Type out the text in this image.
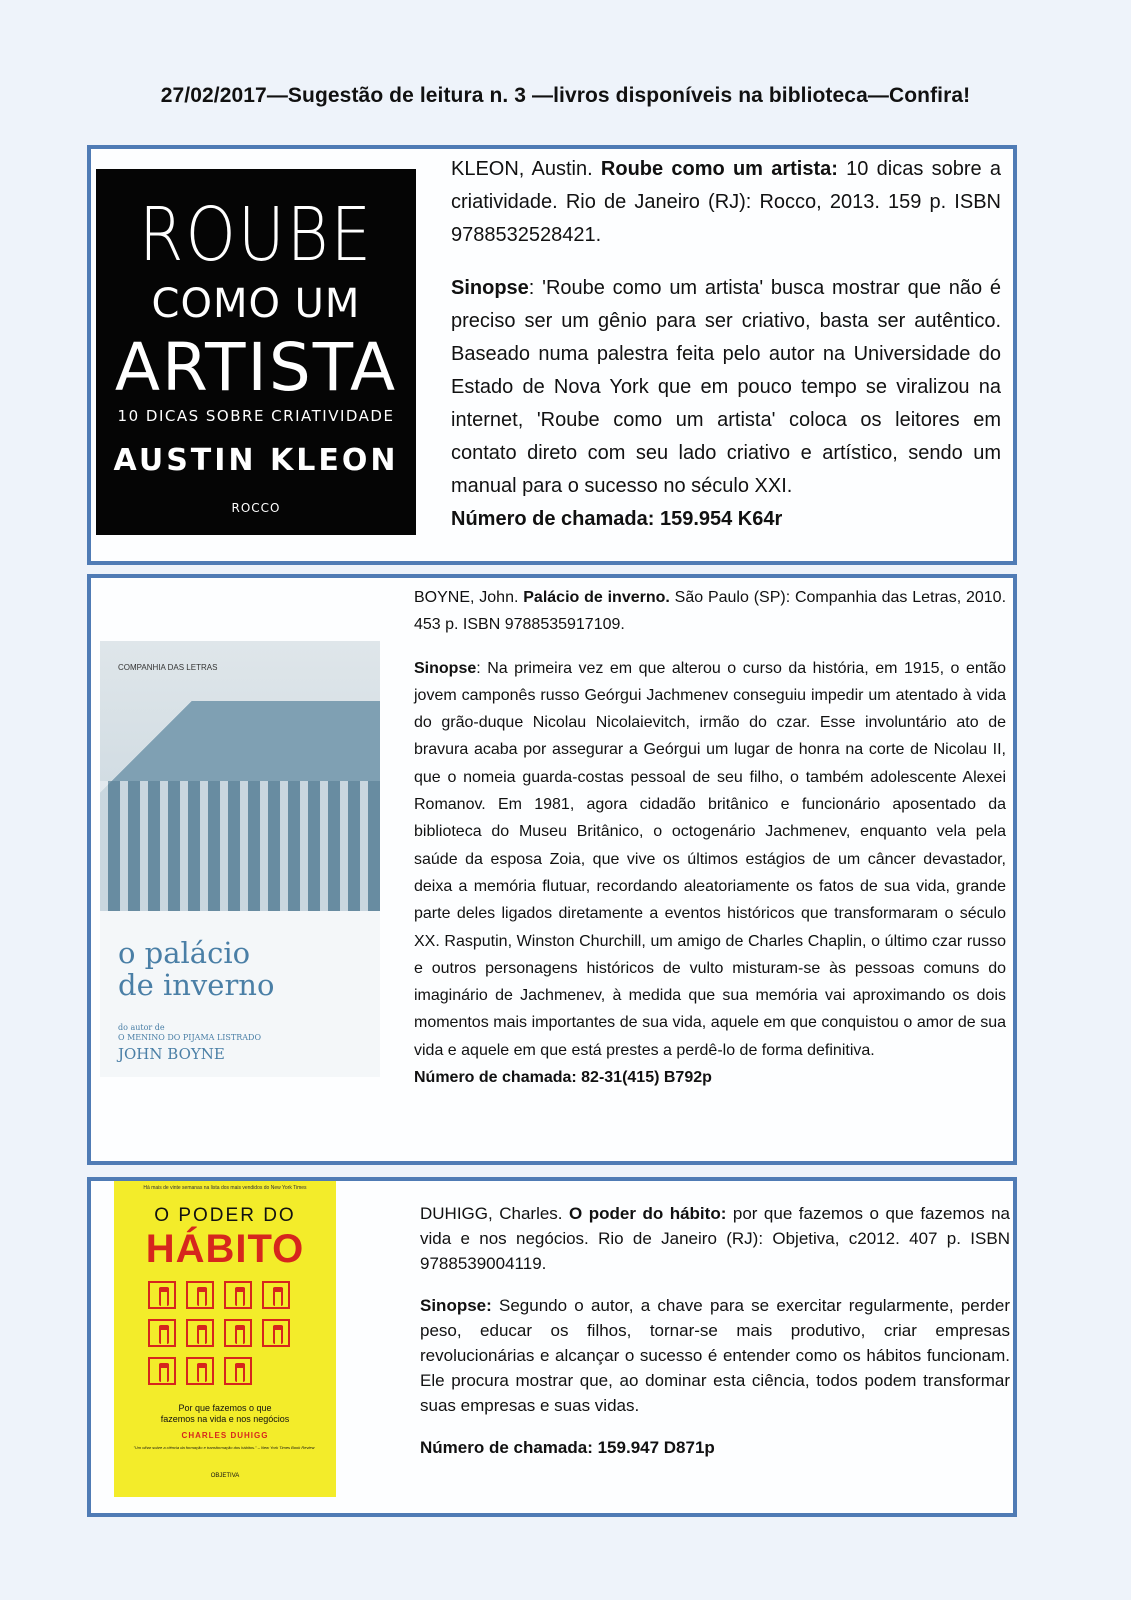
27/02/2017—Sugestão de leitura n. 3 —livros disponíveis na biblioteca—Confira!
ROUBE
COMO UM
ARTISTA
10 DICAS SOBRE CRIATIVIDADE
AUSTIN KLEON
ROCCO

KLEON, Austin. Roube como um artista: 10 dicas sobre a criatividade. Rio de Janeiro (RJ): Rocco, 2013. 159 p. ISBN 9788532528421.

Sinopse: 'Roube como um artista' busca mostrar que não é preciso ser um gênio para ser criativo, basta ser autêntico. Baseado numa palestra feita pelo autor na Universidade do Estado de Nova York que em pouco tempo se viralizou na internet, 'Roube como um artista' coloca os leitores em contato direto com seu lado criativo e artístico, sendo um manual para o sucesso no século XXI.

Número de chamada: 159.954 K64r

COMPANHIA DAS LETRAS
o palácio
de inverno
do autor de
O MENINO DO PIJAMA LISTRADO
JOHN BOYNE

BOYNE, John. Palácio de inverno. São Paulo (SP): Companhia das Letras, 2010. 453 p. ISBN 9788535917109.

Sinopse: Na primeira vez em que alterou o curso da história, em 1915, o então jovem camponês russo Geórgui Jachmenev conseguiu impedir um atentado à vida do grão-duque Nicolau Nicolaievitch, irmão do czar. Esse involuntário ato de bravura acaba por assegurar a Geórgui um lugar de honra na corte de Nicolau II, que o nomeia guarda-costas pessoal de seu filho, o também adolescente Alexei Romanov. Em 1981, agora cidadão britânico e funcionário aposentado da biblioteca do Museu Britânico, o octogenário Jachmenev, enquanto vela pela saúde da esposa Zoia, que vive os últimos estágios de um câncer devastador, deixa a memória flutuar, recordando aleatoriamente os fatos de sua vida, grande parte deles ligados diretamente a eventos históricos que transformaram o século XX. Rasputin, Winston Churchill, um amigo de Charles Chaplin, o último czar russo e outros personagens históricos de vulto misturam-se às pessoas comuns do imaginário de Jachmenev, à medida que sua memória vai aproximando os dois momentos mais importantes de sua vida, aquele em que conquistou o amor de sua vida e aquele em que está prestes a perdê-lo de forma definitiva.

Número de chamada: 82-31(415) B792p

Há mais de vinte semanas na lista dos mais vendidos do New York Times
O PODER DO
HÁBITO
Por que fazemos o que
fazemos na vida e nos negócios
CHARLES DUHIGG
"Um olhar sobre a ciência da formação e transformação dos hábitos." – New York Times Book Review
OBJETIVA

DUHIGG, Charles. O poder do hábito: por que fazemos o que fazemos na vida e nos negócios. Rio de Janeiro (RJ): Objetiva, c2012. 407 p. ISBN 9788539004119.

Sinopse: Segundo o autor, a chave para se exercitar regularmente, perder peso, educar os filhos, tornar-se mais produtivo, criar empresas revolucionárias e alcançar o sucesso é entender como os hábitos funcionam. Ele procura mostrar que, ao dominar esta ciência, todos podem transformar suas empresas e suas vidas.

Número de chamada: 159.947 D871p
